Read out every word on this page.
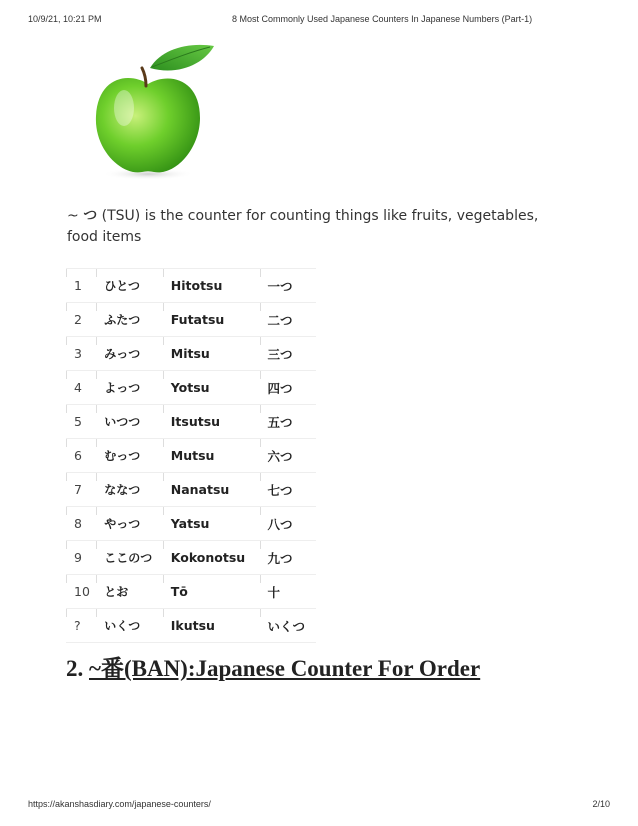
10/9/21, 10:21 PM	8 Most Commonly Used Japanese Counters In Japanese Numbers (Part-1)
~ つ (TSU) is the counter for counting things like fruits, vegetables, food items
1	ひとつ	Hitotsu	一つ
2	ふたつ	Futatsu	二つ
3	みっつ	Mitsu	三つ
4	よっつ	Yotsu	四つ
5	いつつ	Itsutsu	五つ
6	むっつ	Mutsu	六つ
7	ななつ	Nanatsu	七つ
8	やっつ	Yatsu	八つ
9	ここのつ	Kokonotsu	九つ
10	とお	Tō	十
?	いくつ	Ikutsu	いくつ
2. ~番(BAN):Japanese Counter For Order
https://akanshasdiary.com/japanese-counters/	2/10
